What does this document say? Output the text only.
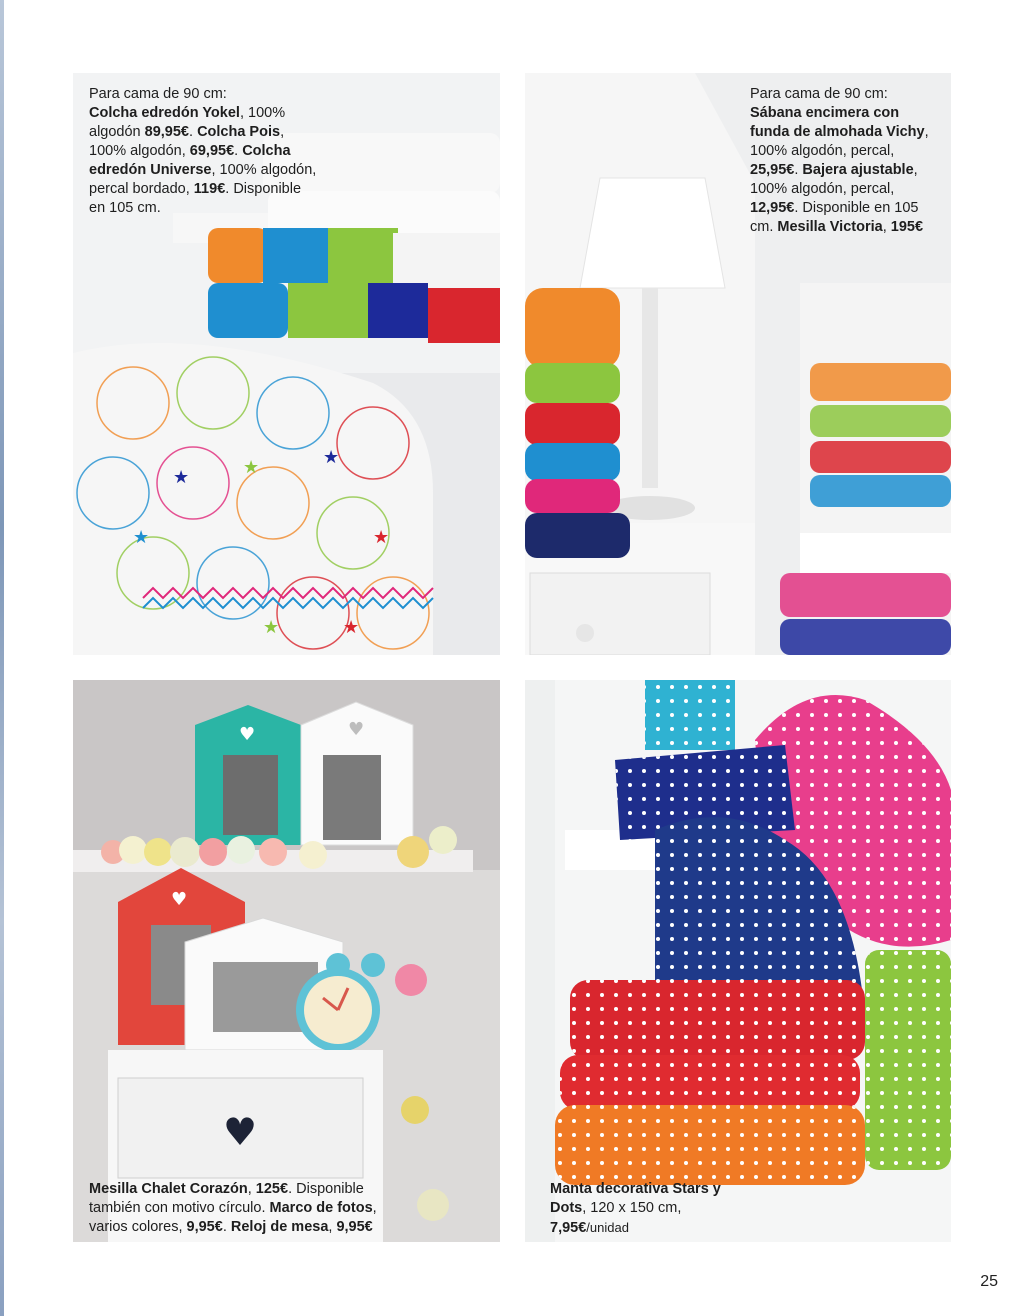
★	★	★
★
★
★	★
Para cama de 90 cm:
Colcha edredón Yokel, 100% algodón 89,95€. Colcha Pois, 100% algodón, 69,95€. Colcha edredón Universe, 100% algodón, percal bordado, 119€. Disponible en 105 cm.
Para cama de 90 cm:
Sábana encimera con funda de almohada Vichy, 100% algodón, percal, 25,95€. Bajera ajustable, 100% algodón, percal, 12,95€. Disponible en 105 cm. Mesilla Victoria, 195€
♥	♥
♥
♥
Mesilla Chalet Corazón, 125€. Disponible también con motivo círculo. Marco de fotos, varios colores, 9,95€. Reloj de mesa, 9,95€
Manta decorativa Stars y Dots, 120 x 150 cm, 7,95€/unidad
25
